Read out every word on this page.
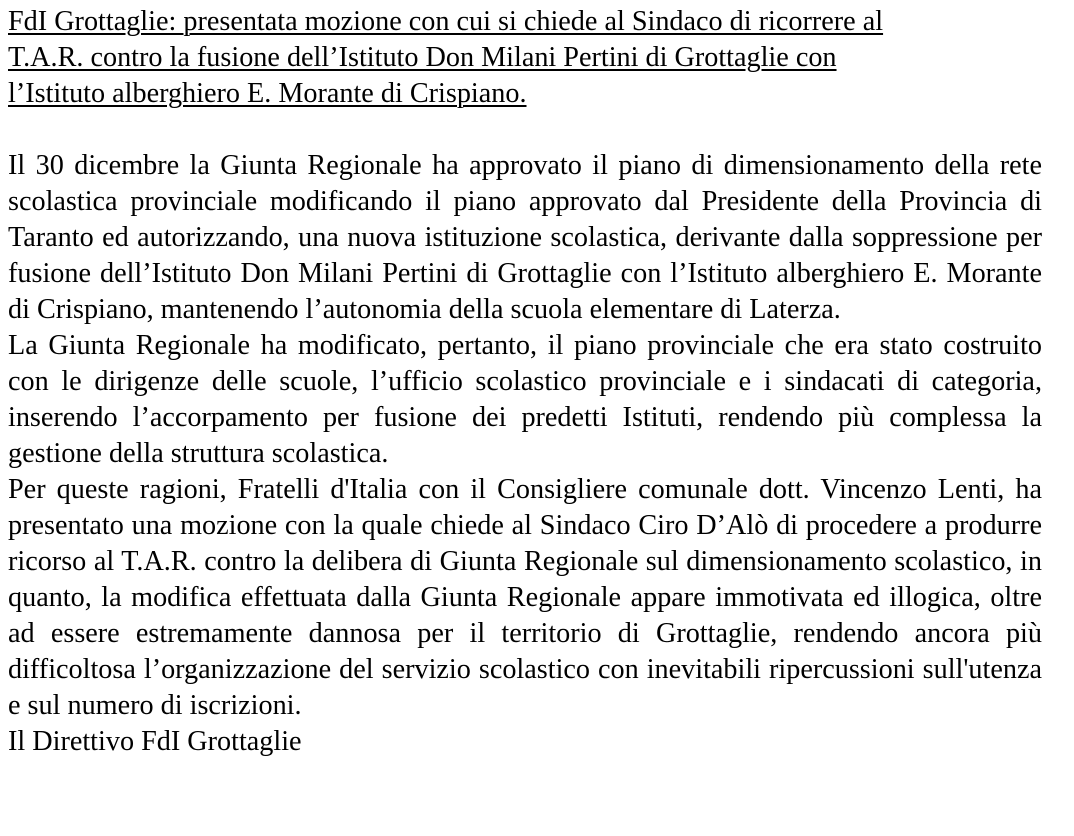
FdI Grottaglie: presentata mozione con cui si chiede al Sindaco di ricorrere al
T.A.R. contro la fusione dell’Istituto Don Milani Pertini di Grottaglie con
l’Istituto alberghiero E. Morante di Crispiano.

Il 30 dicembre la Giunta Regionale ha approvato il piano di dimensionamento della rete scolastica provinciale modificando il piano approvato dal Presidente della Provincia di Taranto ed autorizzando, una nuova istituzione scolastica, derivante dalla soppressione per fusione dell’Istituto Don Milani Pertini di Grottaglie con l’Istituto alberghiero E. Morante di Crispiano, mantenendo l’autonomia della scuola elementare di Laterza.

La Giunta Regionale ha modificato, pertanto, il piano provinciale che era stato costruito con le dirigenze delle scuole, l’ufficio scolastico provinciale e i sindacati di categoria, inserendo l’accorpamento per fusione dei predetti Istituti, rendendo più complessa la gestione della struttura scolastica.

Per queste ragioni, Fratelli d'Italia con il Consigliere comunale dott. Vincenzo Lenti, ha presentato una mozione con la quale chiede al Sindaco Ciro D’Alò di procedere a produrre ricorso al T.A.R. contro la delibera di Giunta Regionale sul dimensionamento scolastico, in quanto, la modifica effettuata dalla Giunta Regionale appare immotivata ed illogica, oltre ad essere estremamente dannosa per il territorio di Grottaglie, rendendo ancora più difficoltosa l’organizzazione del servizio scolastico con inevitabili ripercussioni sull'utenza e sul numero di iscrizioni.

Il Direttivo FdI Grottaglie
